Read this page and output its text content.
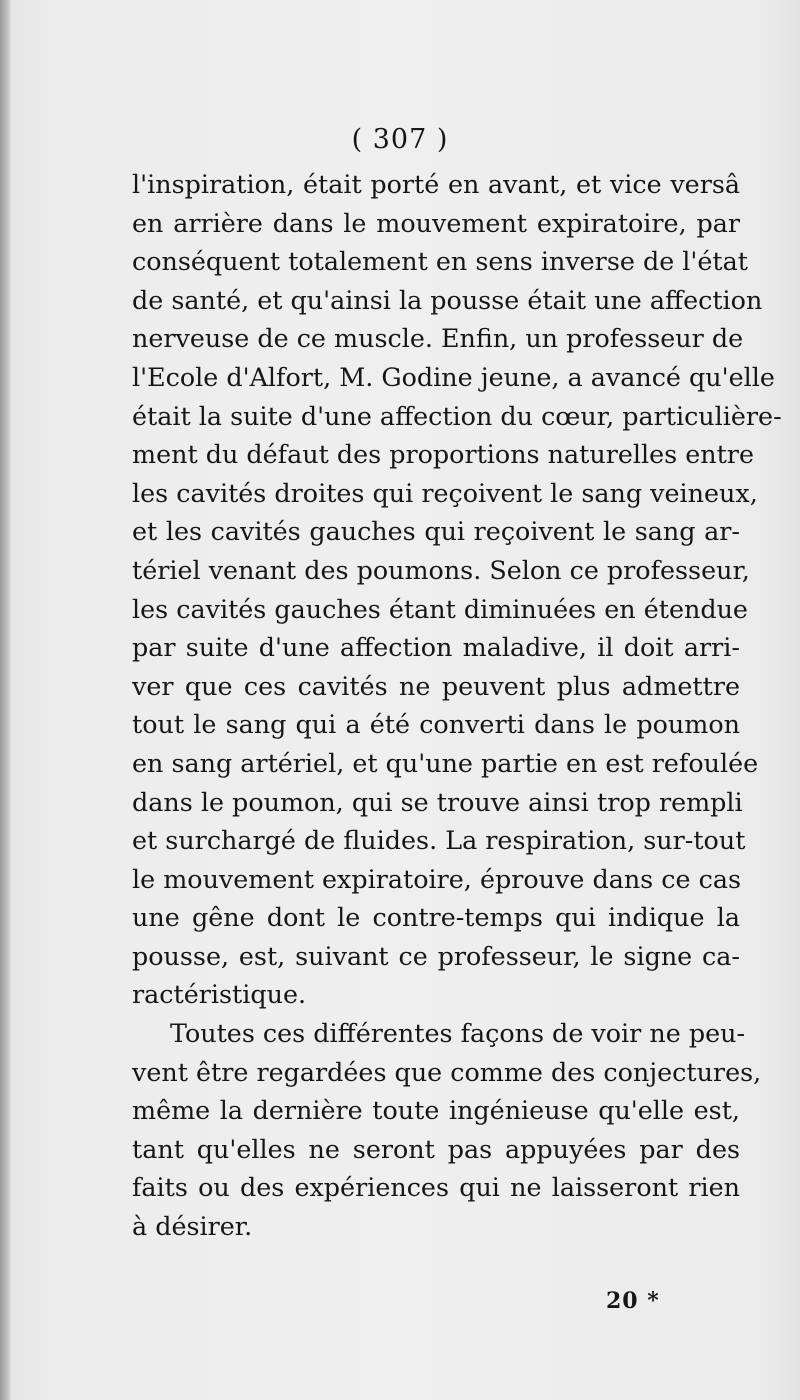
( 307 )
l'inspiration, était porté en avant, et vice versâ
en arrière dans le mouvement expiratoire, par
conséquent totalement en sens inverse de l'état
de santé, et qu'ainsi la pousse était une affection
nerveuse de ce muscle. Enfin, un professeur de
l'Ecole d'Alfort, M. Godine jeune, a avancé qu'elle
était la suite d'une affection du cœur, particulière-
ment du défaut des proportions naturelles entre
les cavités droites qui reçoivent le sang veineux,
et les cavités gauches qui reçoivent le sang ar-
tériel venant des poumons. Selon ce professeur,
les cavités gauches étant diminuées en étendue
par suite d'une affection maladive, il doit arri-
ver que ces cavités ne peuvent plus admettre
tout le sang qui a été converti dans le poumon
en sang artériel, et qu'une partie en est refoulée
dans le poumon, qui se trouve ainsi trop rempli
et surchargé de fluides. La respiration, sur-tout
le mouvement expiratoire, éprouve dans ce cas
une gêne dont le contre-temps qui indique la
pousse, est, suivant ce professeur, le signe ca-
ractéristique.
Toutes ces différentes façons de voir ne peu-
vent être regardées que comme des conjectures,
même la dernière toute ingénieuse qu'elle est,
tant qu'elles ne seront pas appuyées par des
faits ou des expériences qui ne laisseront rien
à désirer.
20 *
